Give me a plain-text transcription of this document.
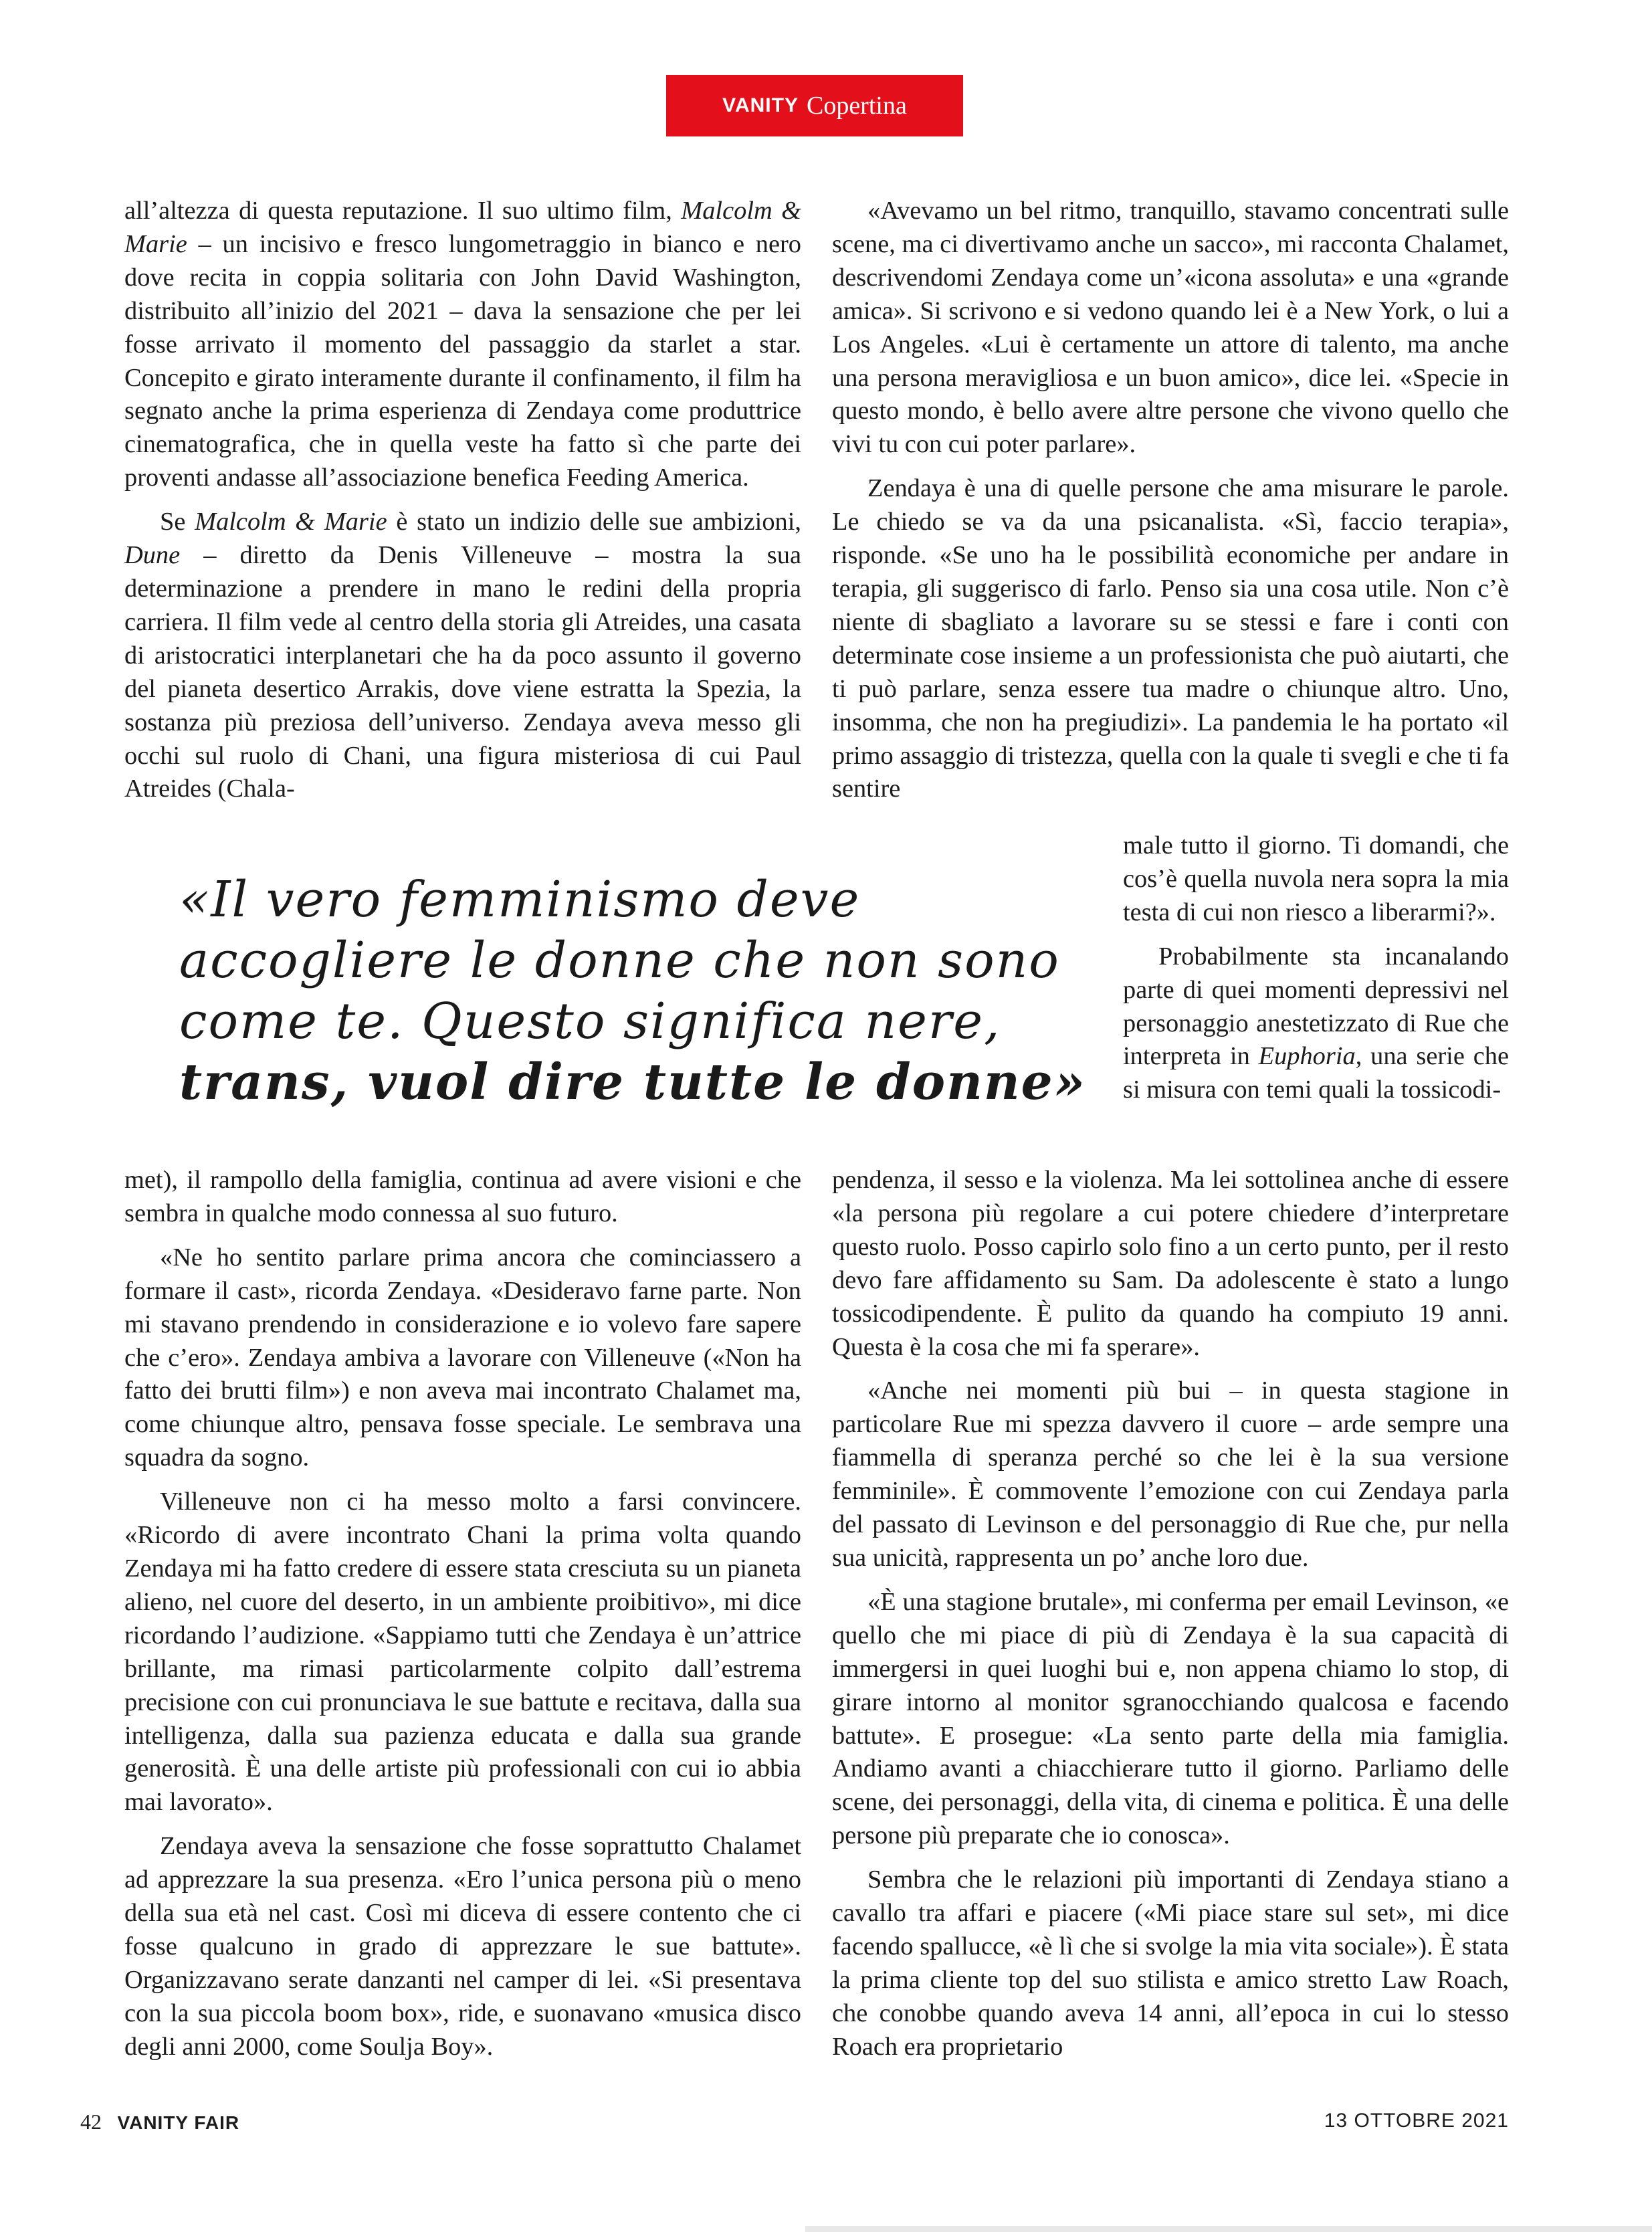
VANITY Copertina

all’altezza di questa reputazione. Il suo ultimo film, Malcolm & Marie – un incisivo e fresco lungometraggio in bianco e nero dove recita in coppia solitaria con John David Washington, distribuito all’inizio del 2021 – dava la sensazione che per lei fosse arrivato il momento del passaggio da starlet a star. Concepito e girato interamente durante il confinamento, il film ha segnato anche la prima esperienza di Zendaya come produttrice cinematografica, che in quella veste ha fatto sì che parte dei proventi andasse all’associazione benefica Feeding America.

Se Malcolm & Marie è stato un indizio delle sue ambizioni, Dune – diretto da Denis Villeneuve – mostra la sua determinazione a prendere in mano le redini della propria carriera. Il film vede al centro della storia gli Atreides, una casata di aristocratici interplanetari che ha da poco assunto il governo del pianeta desertico Arrakis, dove viene estratta la Spezia, la sostanza più preziosa dell’universo. Zendaya aveva messo gli occhi sul ruolo di Chani, una figura misteriosa di cui Paul Atreides (Chala-

«Avevamo un bel ritmo, tranquillo, stavamo concentrati sulle scene, ma ci divertivamo anche un sacco», mi racconta Chalamet, descrivendomi Zendaya come un’«icona assoluta» e una «grande amica». Si scrivono e si vedono quando lei è a New York, o lui a Los Angeles. «Lui è certamente un attore di talento, ma anche una persona meravigliosa e un buon amico», dice lei. «Specie in questo mondo, è bello avere altre persone che vivono quello che vivi tu con cui poter parlare».

Zendaya è una di quelle persone che ama misurare le parole. Le chiedo se va da una psicanalista. «Sì, faccio terapia», risponde. «Se uno ha le possibilità economiche per andare in terapia, gli suggerisco di farlo. Penso sia una cosa utile. Non c’è niente di sbagliato a lavorare su se stessi e fare i conti con determinate cose insieme a un professionista che può aiutarti, che ti può parlare, senza essere tua madre o chiunque altro. Uno, insomma, che non ha pregiudizi». La pandemia le ha portato «il primo assaggio di tristezza, quella con la quale ti svegli e che ti fa sentire

male tutto il giorno. Ti domandi, che cos’è quella nuvola nera sopra la mia testa di cui non riesco a liberarmi?».

Probabilmente sta incanalando parte di quei momenti depressivi nel personaggio anestetizzato di Rue che interpreta in Euphoria, una serie che si misura con temi quali la tossicodi-

«Il vero femminismo deve
accogliere le donne che non sono
come te. Questo significa nere,
trans, vuol dire tutte le donne»

met), il rampollo della famiglia, continua ad avere visioni e che sembra in qualche modo connessa al suo futuro.

«Ne ho sentito parlare prima ancora che cominciassero a formare il cast», ricorda Zendaya. «Desideravo farne parte. Non mi stavano prendendo in considerazione e io volevo fare sapere che c’ero». Zendaya ambiva a lavorare con Villeneuve («Non ha fatto dei brutti film») e non aveva mai incontrato Chalamet ma, come chiunque altro, pensava fosse speciale. Le sembrava una squadra da sogno.

Villeneuve non ci ha messo molto a farsi convincere. «Ricordo di avere incontrato Chani la prima volta quando Zendaya mi ha fatto credere di essere stata cresciuta su un pianeta alieno, nel cuore del deserto, in un ambiente proibitivo», mi dice ricordando l’audizione. «Sappiamo tutti che Zendaya è un’attrice brillante, ma rimasi particolarmente colpito dall’estrema precisione con cui pronunciava le sue battute e recitava, dalla sua intelligenza, dalla sua pazienza educata e dalla sua grande generosità. È una delle artiste più professionali con cui io abbia mai lavorato».

Zendaya aveva la sensazione che fosse soprattutto Chalamet ad apprezzare la sua presenza. «Ero l’unica persona più o meno della sua età nel cast. Così mi diceva di essere contento che ci fosse qualcuno in grado di apprezzare le sue battute». Organizzavano serate danzanti nel camper di lei. «Si presentava con la sua piccola boom box», ride, e suonavano «musica disco degli anni 2000, come Soulja Boy».

pendenza, il sesso e la violenza. Ma lei sottolinea anche di essere «la persona più regolare a cui potere chiedere d’interpretare questo ruolo. Posso capirlo solo fino a un certo punto, per il resto devo fare affidamento su Sam. Da adolescente è stato a lungo tossicodipendente. È pulito da quando ha compiuto 19 anni. Questa è la cosa che mi fa sperare».

«Anche nei momenti più bui – in questa stagione in particolare Rue mi spezza davvero il cuore – arde sempre una fiammella di speranza perché so che lei è la sua versione femminile». È commovente l’emozione con cui Zendaya parla del passato di Levinson e del personaggio di Rue che, pur nella sua unicità, rappresenta un po’ anche loro due.

«È una stagione brutale», mi conferma per email Levinson, «e quello che mi piace di più di Zendaya è la sua capacità di immergersi in quei luoghi bui e, non appena chiamo lo stop, di girare intorno al monitor sgranocchiando qualcosa e facendo battute». E prosegue: «La sento parte della mia famiglia. Andiamo avanti a chiacchierare tutto il giorno. Parliamo delle scene, dei personaggi, della vita, di cinema e politica. È una delle persone più preparate che io conosca».

Sembra che le relazioni più importanti di Zendaya stiano a cavallo tra affari e piacere («Mi piace stare sul set», mi dice facendo spallucce, «è lì che si svolge la mia vita sociale»). È stata la prima cliente top del suo stilista e amico stretto Law Roach, che conobbe quando aveva 14 anni, all’epoca in cui lo stesso Roach era proprietario

42 VANITY FAIR	13 OTTOBRE 2021
